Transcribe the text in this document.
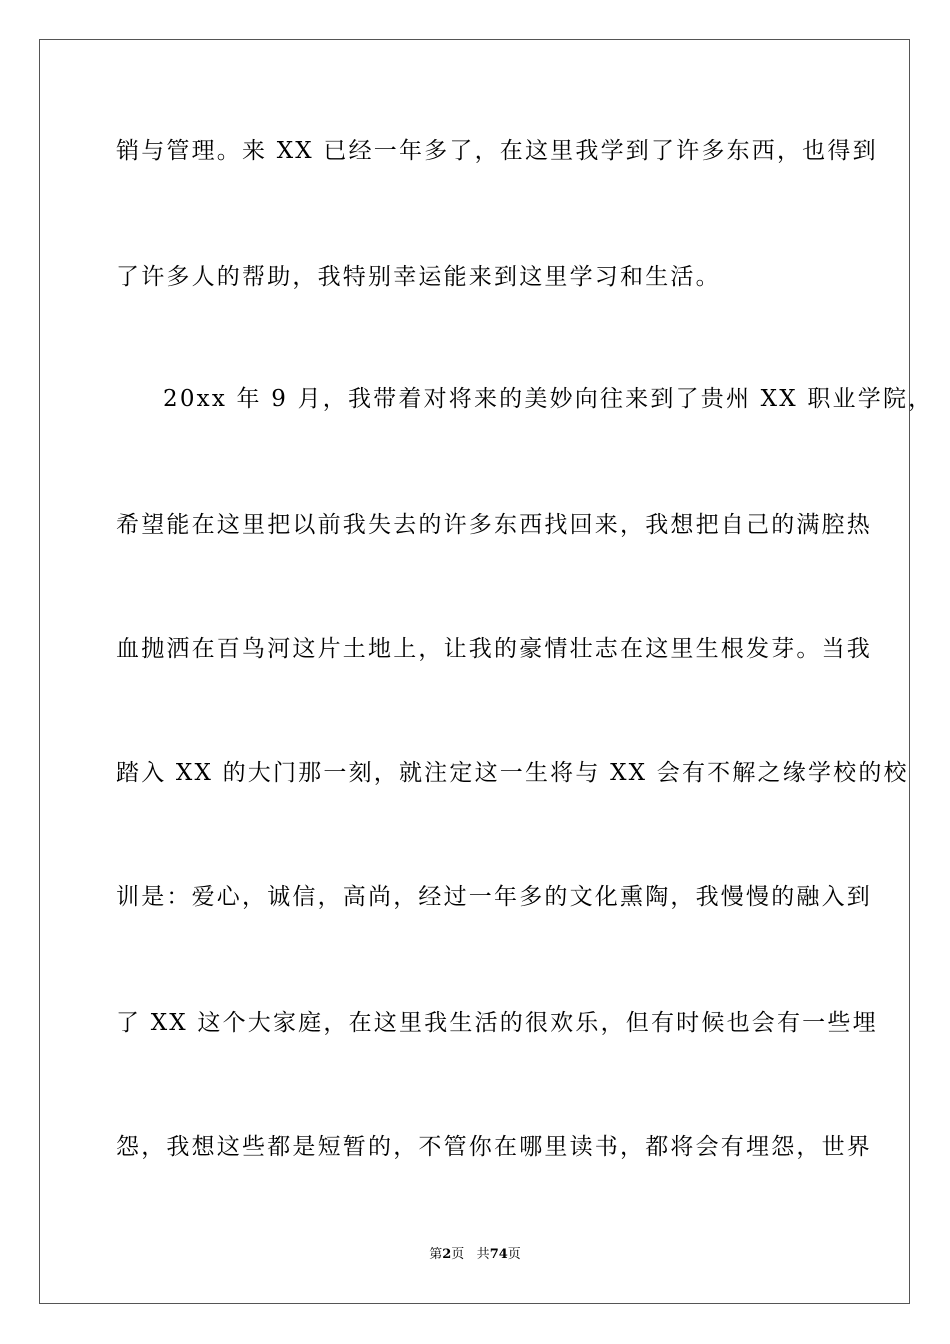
销与管理。来 XX 已经一年多了，在这里我学到了许多东西，也得到
了许多人的帮助，我特别幸运能来到这里学习和生活。
20xx 年 9 月，我带着对将来的美妙向往来到了贵州 XX 职业学院，
希望能在这里把以前我失去的许多东西找回来，我想把自己的满腔热
血抛洒在百鸟河这片土地上，让我的豪情壮志在这里生根发芽。当我
踏入 XX 的大门那一刻，就注定这一生将与 XX 会有不解之缘学校的校
训是：爱心，诚信，高尚，经过一年多的文化熏陶，我慢慢的融入到
了 XX 这个大家庭，在这里我生活的很欢乐，但有时候也会有一些埋
怨，我想这些都是短暂的，不管你在哪里读书，都将会有埋怨，世界
第2页 共74页
